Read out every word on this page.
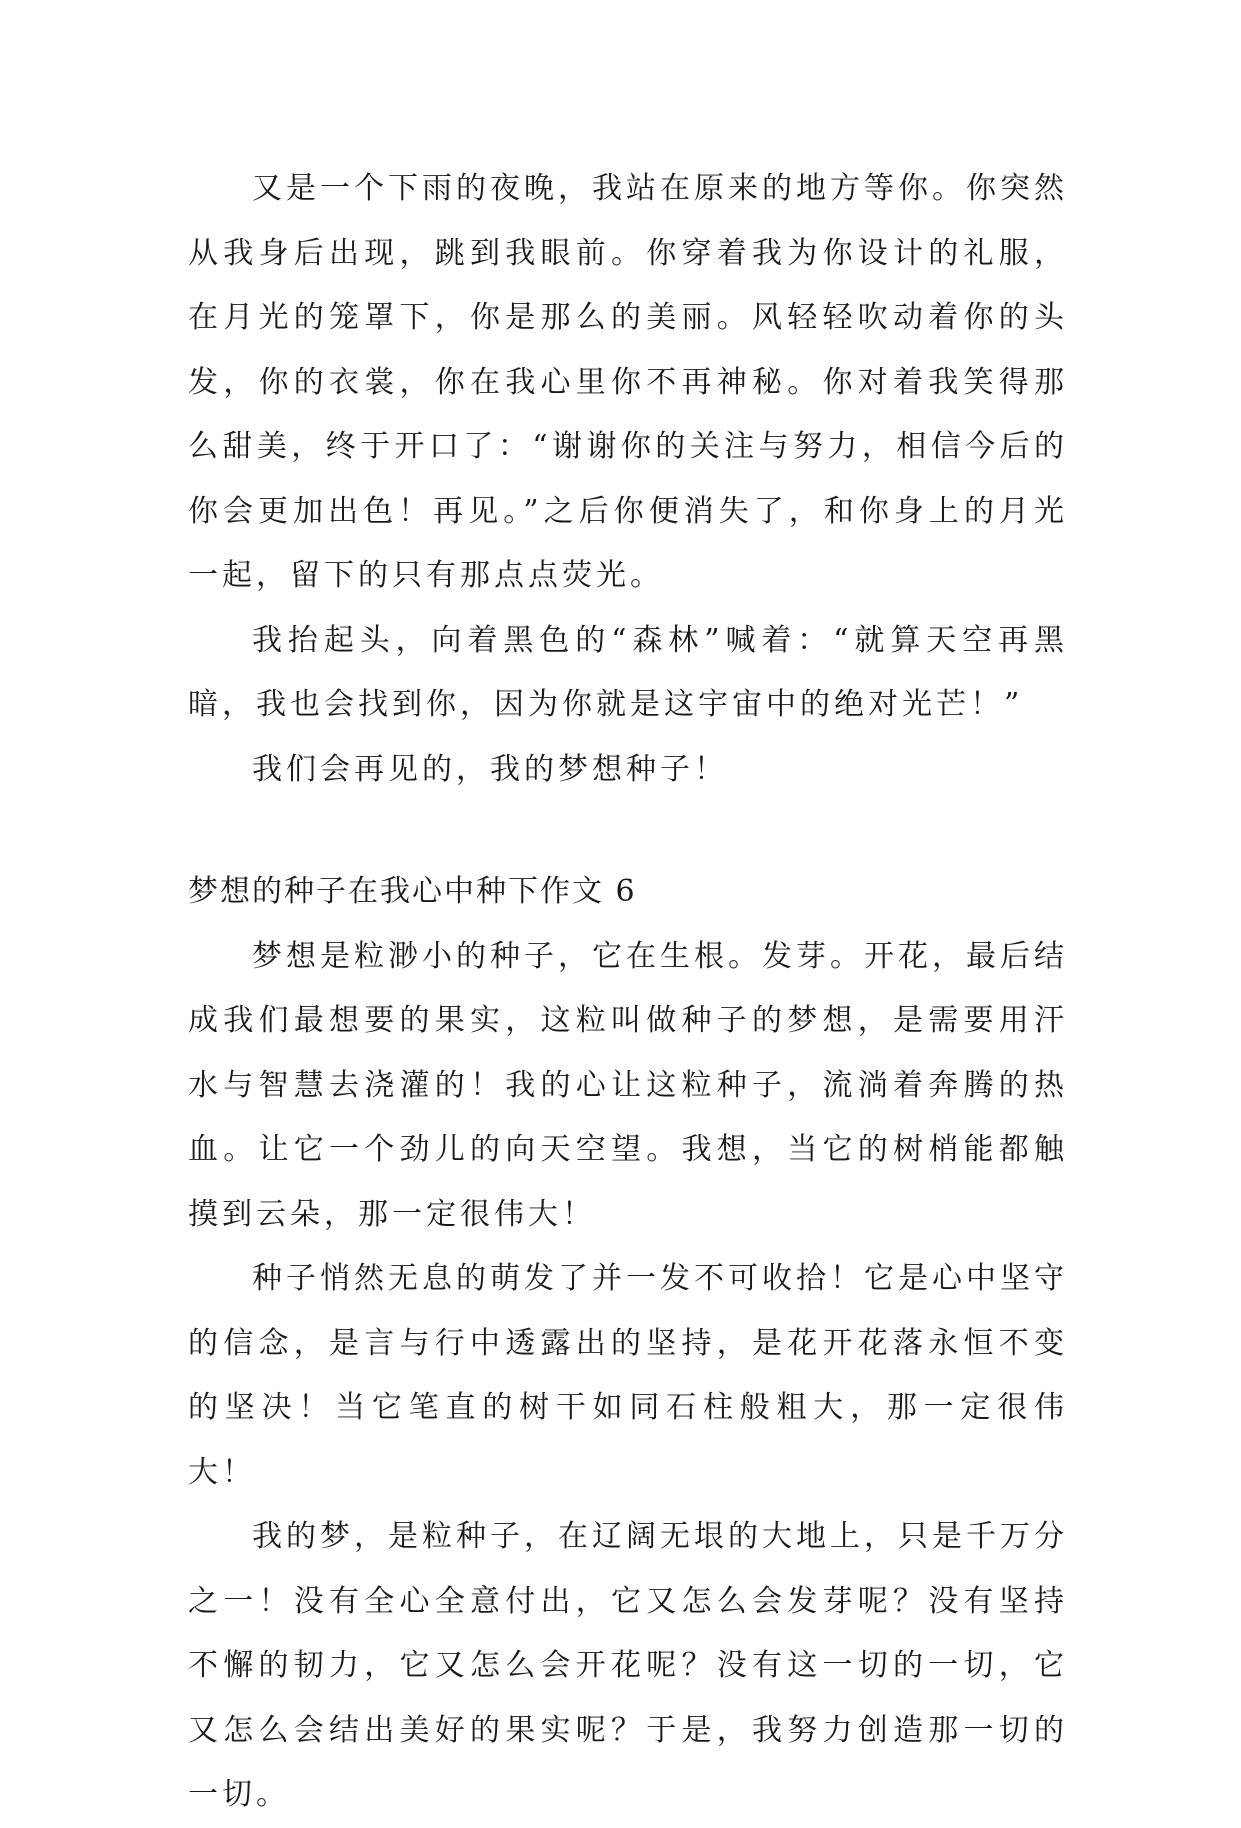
又是一个下雨的夜晚，我站在原来的地方等你。你突然从我身后出现，跳到我眼前。你穿着我为你设计的礼服，在月光的笼罩下，你是那么的美丽。风轻轻吹动着你的头发，你的衣裳，你在我心里你不再神秘。你对着我笑得那么甜美，终于开口了：“谢谢你的关注与努力，相信今后的你会更加出色！再见。”之后你便消失了，和你身上的月光一起，留下的只有那点点荧光。

我抬起头，向着黑色的“森林”喊着：“就算天空再黑暗，我也会找到你，因为你就是这宇宙中的绝对光芒！”

我们会再见的，我的梦想种子！

梦想的种子在我心中种下作文 6

梦想是粒渺小的种子，它在生根。发芽。开花，最后结成我们最想要的果实，这粒叫做种子的梦想，是需要用汗水与智慧去浇灌的！我的心让这粒种子，流淌着奔腾的热血。让它一个劲儿的向天空望。我想，当它的树梢能都触摸到云朵，那一定很伟大！

种子悄然无息的萌发了并一发不可收拾！它是心中坚守的信念，是言与行中透露出的坚持，是花开花落永恒不变的坚决！当它笔直的树干如同石柱般粗大，那一定很伟大！

我的梦，是粒种子，在辽阔无垠的大地上，只是千万分之一！没有全心全意付出，它又怎么会发芽呢？没有坚持不懈的韧力，它又怎么会开花呢？没有这一切的一切，它又怎么会结出美好的果实呢？于是，我努力创造那一切的一切。
